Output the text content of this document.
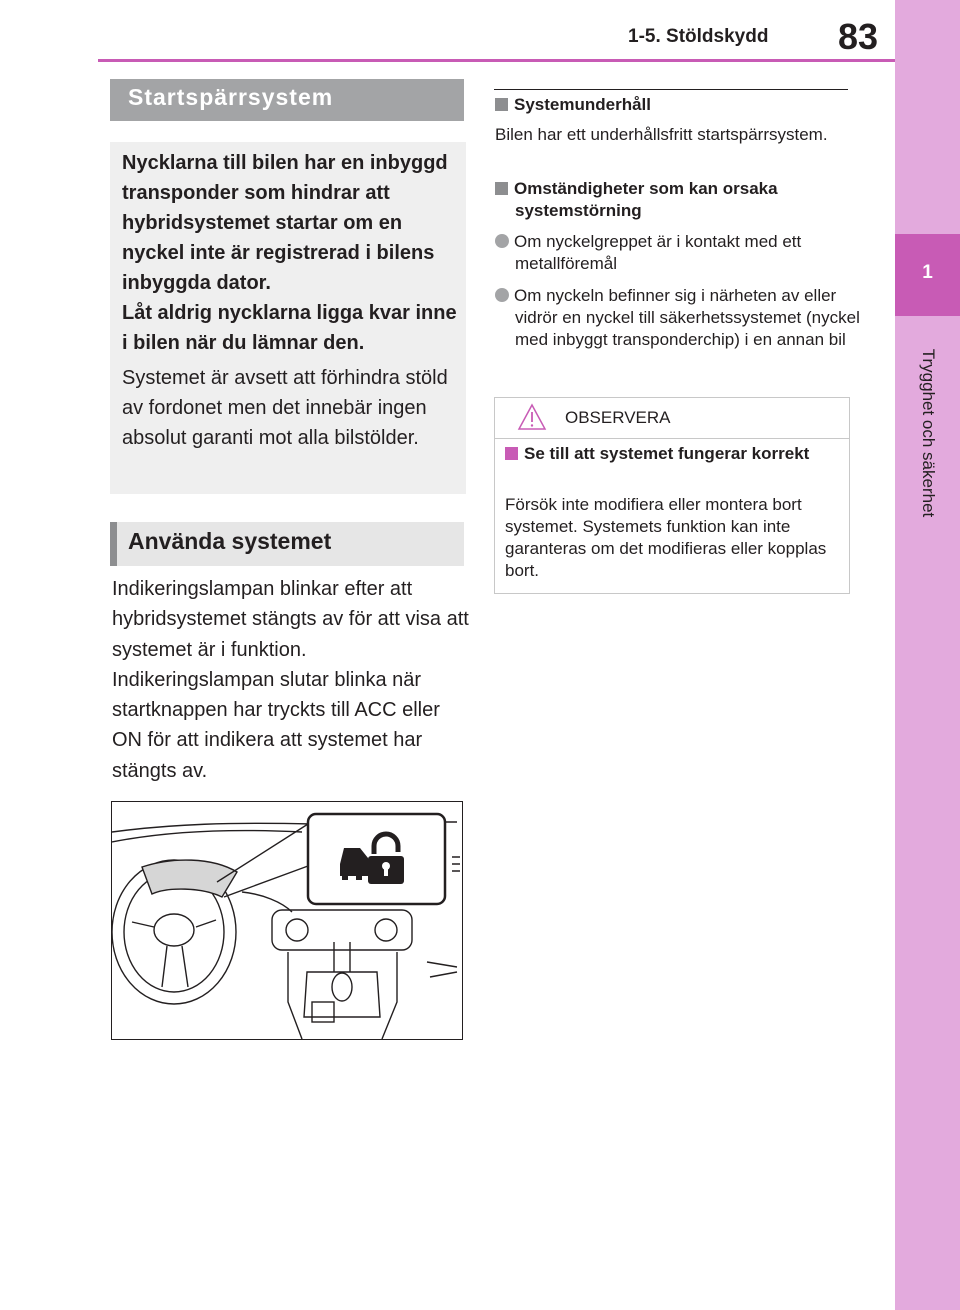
1-5. Stöldskydd 83
1
Trygghet och säkerhet
Startspärrsystem

Nycklarna till bilen har en inbyggd transponder som hindrar att hybridsystemet startar om en nyckel inte är registrerad i bilens inbyggda dator.

Låt aldrig nycklarna ligga kvar inne i bilen när du lämnar den.

Systemet är avsett att förhindra stöld av fordonet men det innebär ingen absolut garanti mot alla bilstölder.

Använda systemet

Indikeringslampan blinkar efter att hybridsystemet stängts av för att visa att systemet är i funktion. Indikeringslampan slutar blinka när startknappen har tryckts till ACC eller ON för att indikera att systemet har stängts av.

Systemunderhåll

Bilen har ett underhållsfritt startspärrsystem.

Omständigheter som kan orsaka systemstörning

Om nyckelgreppet är i kontakt med ett metallföremål

Om nyckeln befinner sig i närheten av eller vidrör en nyckel till säkerhetssystemet (nyckel med inbyggt transponderchip) i en annan bil

OBSERVERA

Se till att systemet fungerar korrekt

Försök inte modifiera eller montera bort systemet. Systemets funktion kan inte garanteras om det modifieras eller kopplas bort.
